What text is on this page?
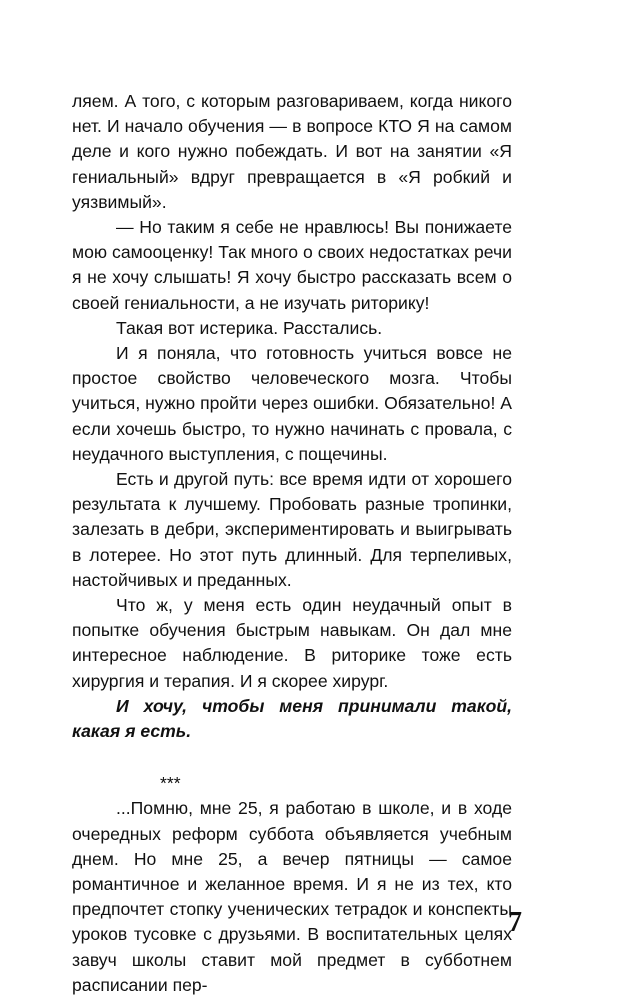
ляем. А того, с которым разговариваем, когда никого нет. И начало обучения — в вопросе КТО Я на самом деле и кого нужно побеждать. И вот на занятии «Я гениальный» вдруг превращается в «Я робкий и уязвимый».

— Но таким я себе не нравлюсь! Вы понижаете мою самооценку! Так много о своих недостатках речи я не хочу слышать! Я хочу быстро рассказать всем о своей гениальности, а не изучать риторику!

Такая вот истерика. Расстались.

И я поняла, что готовность учиться вовсе не простое свойство человеческого мозга. Чтобы учиться, нужно пройти через ошибки. Обязательно! А если хочешь быстро, то нужно начинать с провала, с неудачного выступления, с пощечины.

Есть и другой путь: все время идти от хорошего результата к лучшему. Пробовать разные тропинки, залезать в дебри, экспериментировать и выигрывать в лотерее. Но этот путь длинный. Для терпеливых, настойчивых и преданных.

Что ж, у меня есть один неудачный опыт в попытке обучения быстрым навыкам. Он дал мне интересное наблюдение. В риторике тоже есть хирургия и терапия. И я скорее хирург.

И хочу, чтобы меня принимали такой, какая я есть.

***

...Помню, мне 25, я работаю в школе, и в ходе очередных реформ суббота объявляется учебным днем. Но мне 25, а вечер пятницы — самое романтичное и желанное время. И я не из тех, кто предпочтет стопку ученических тетрадок и конспекты уроков тусовке с друзьями. В воспитательных целях завуч школы ставит мой предмет в субботнем расписании пер-

7
